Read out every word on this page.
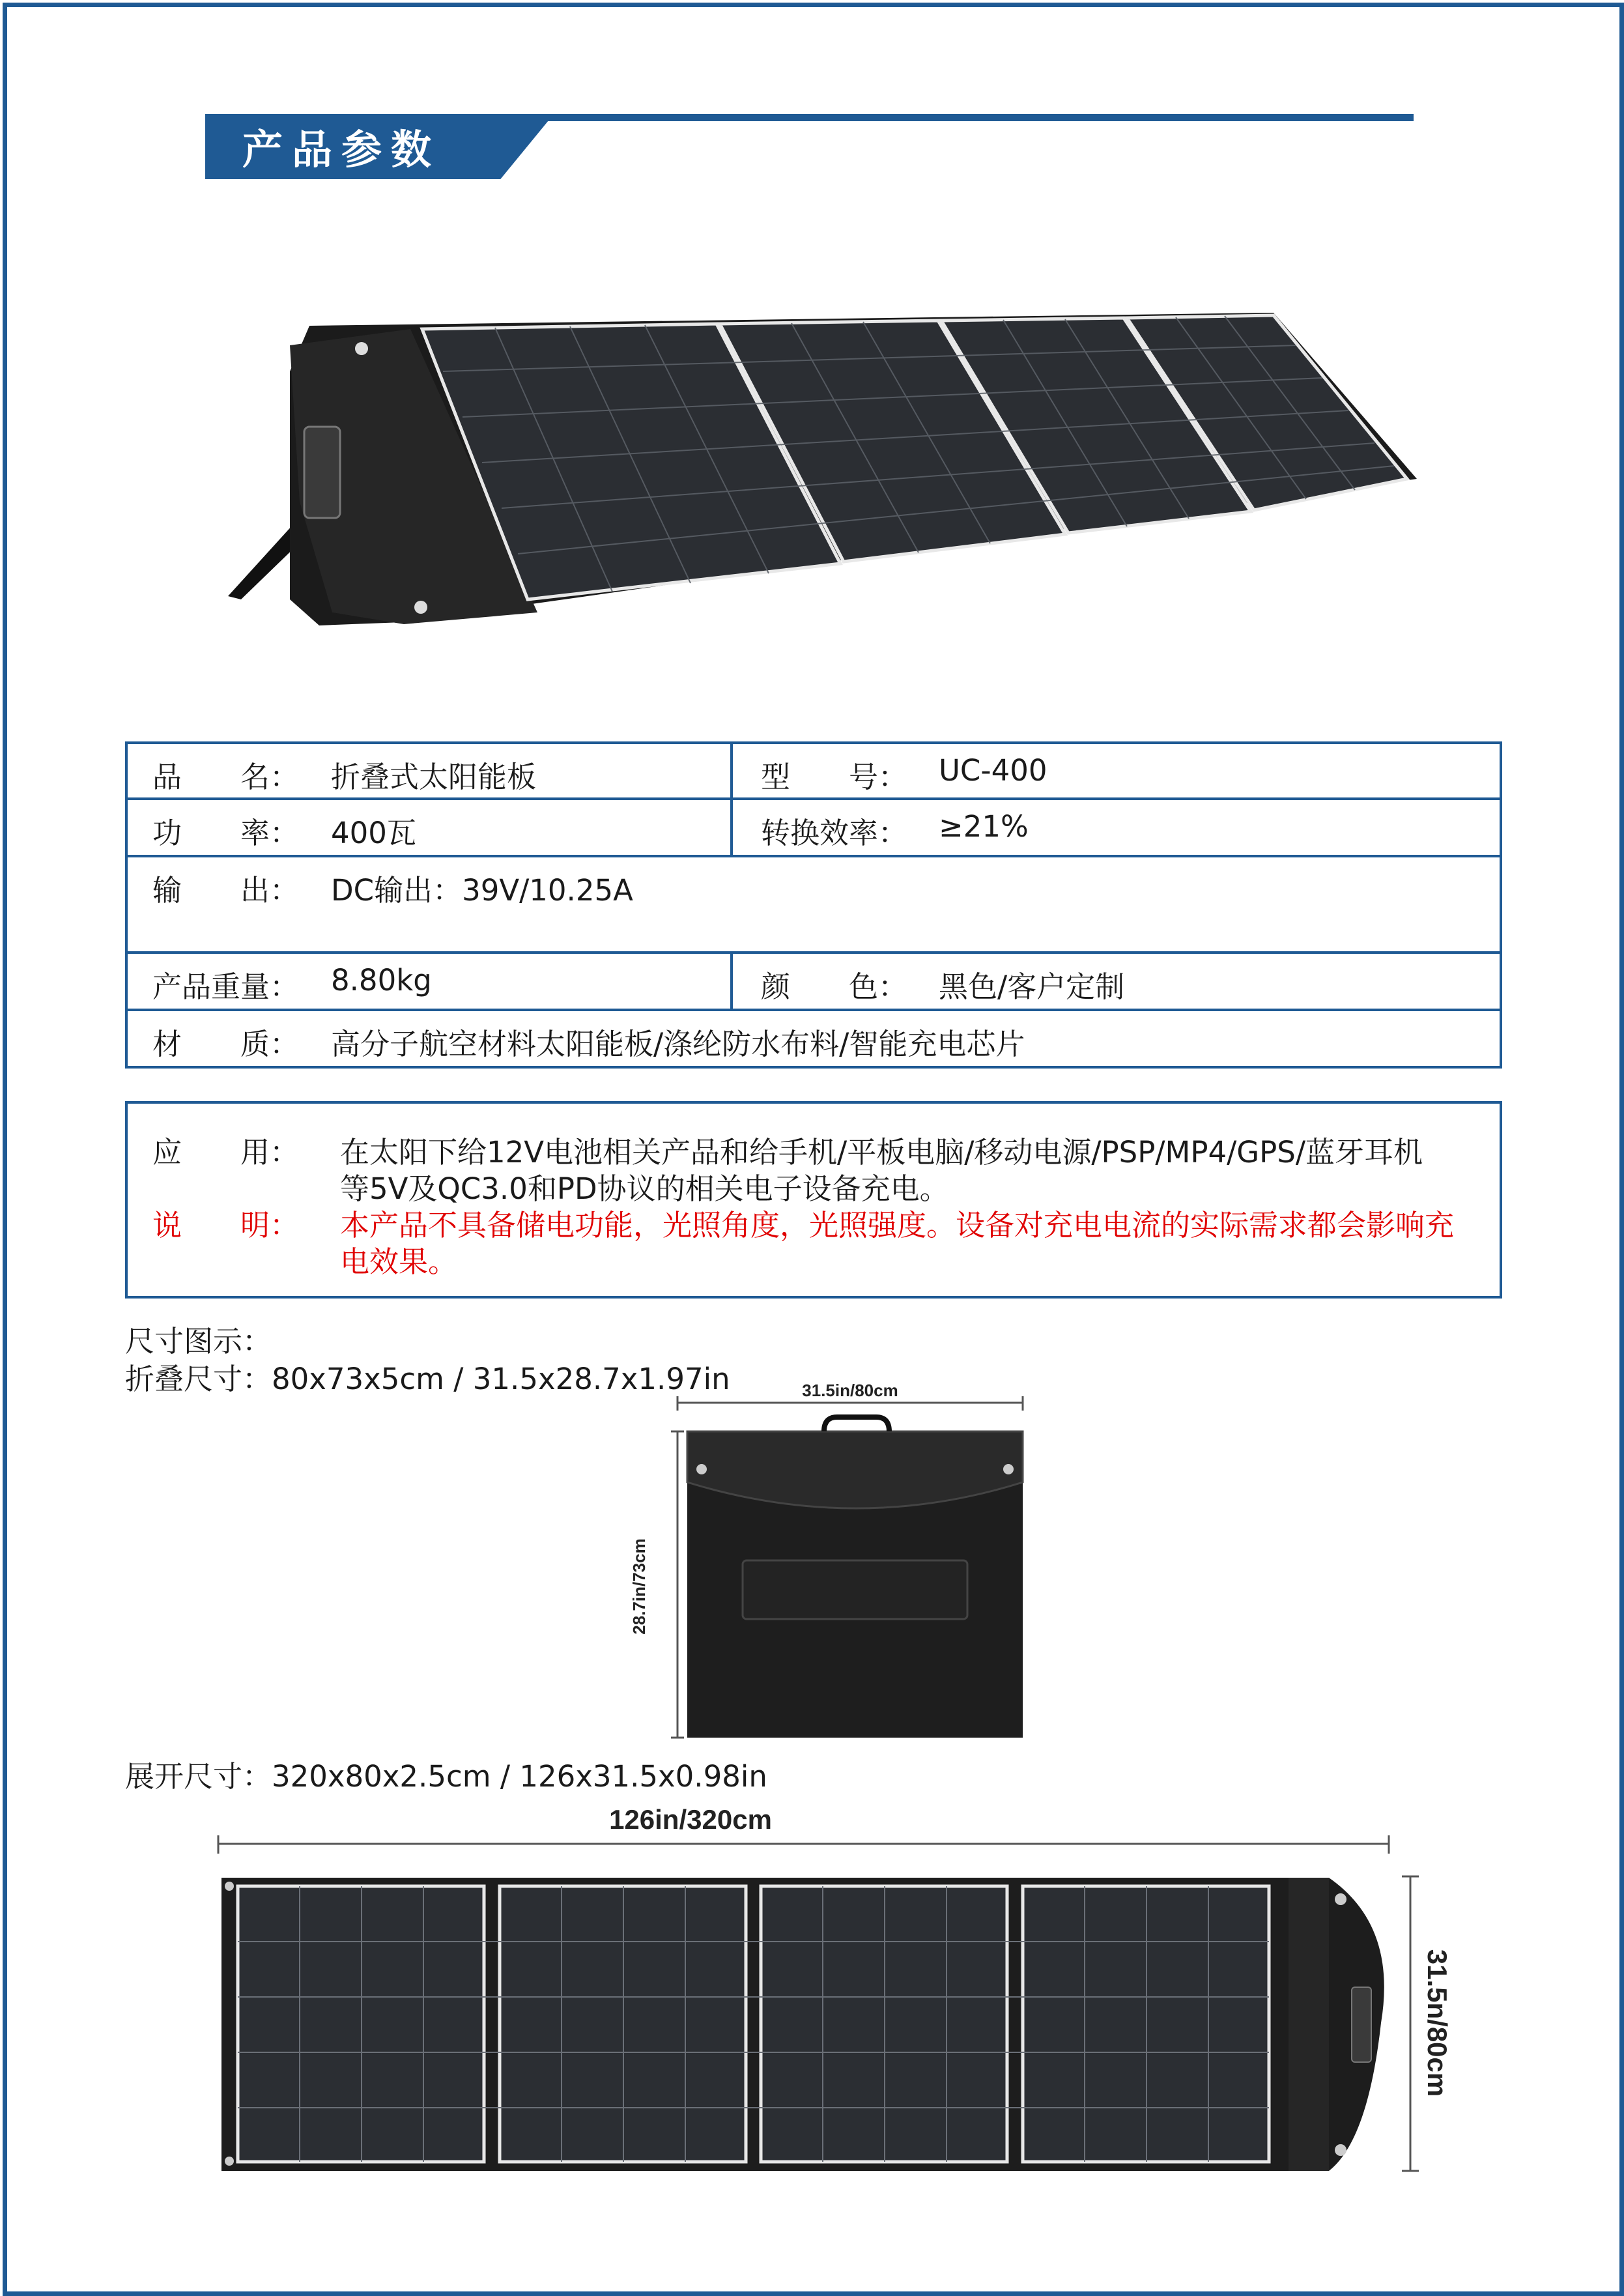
产品参数
品　　名： 折叠式太阳能板	型　　号： UC-400
功　　率： 400瓦	转换效率： ≥21%
输　　出： DC输出：39V/10.25A
产品重量： 8.80kg	颜　　色： 黑色/客户定制
材　　质： 高分子航空材料太阳能板/涤纶防水布料/智能充电芯片
应　　用： 在太阳下给12V电池相关产品和给手机/平板电脑/移动电源/PSP/MP4/GPS/蓝牙耳机
等5V及QC3.0和PD协议的相关电子设备充电。
说　　明： 本产品不具备储电功能，光照角度，光照强度。设备对充电电流的实际需求都会影响充
电效果。
尺寸图示：
折叠尺寸：80x73x5cm / 31.5x28.7x1.97in	31.5in/80cm
28.7in/73cm
展开尺寸：320x80x2.5cm / 126x31.5x0.98in
126in/320cm
31.5n/80cm
